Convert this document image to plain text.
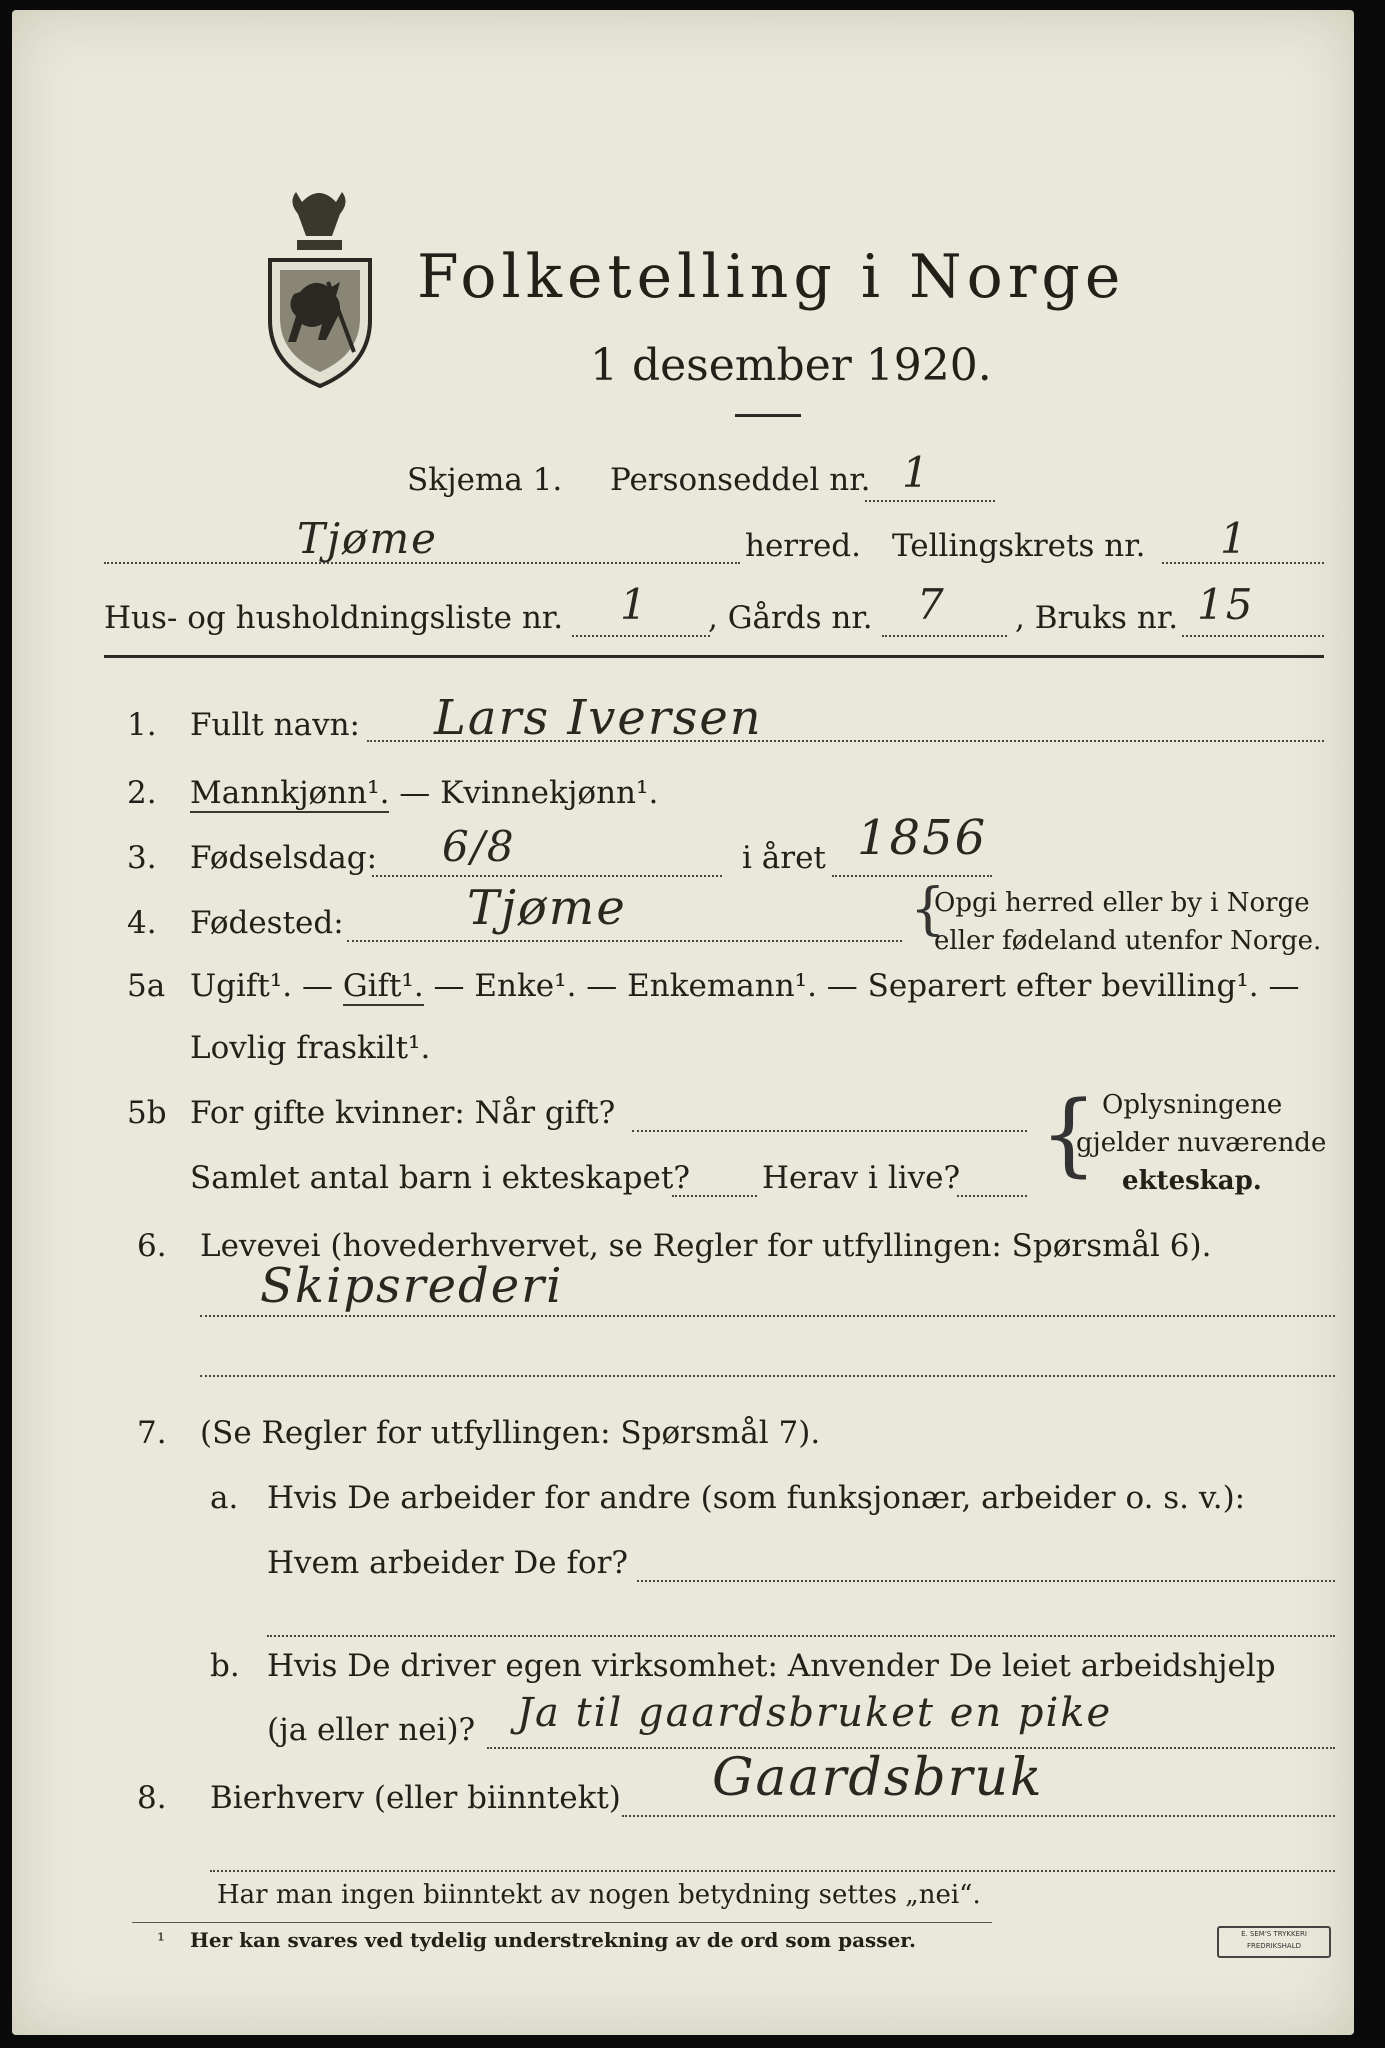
Folketelling i Norge
1 desember 1920.
Skjema 1. Personseddel nr. 1
Tjøme	herred. Tellingskrets nr. 1
Hus- og husholdningsliste nr. 1 , Gårds nr. 7 , Bruks nr. 15
1. Fullt navn: Lars Iversen
2. Mannkjønn¹. — Kvinnekjønn¹.
3. Fødselsdag: 6/8	i året 1856
4. Fødested:	Tjøme	{
Opgi herred eller by i Norge
eller fødeland utenfor Norge.
5a Ugift¹. — Gift¹. — Enke¹. — Enkemann¹. — Separert efter bevilling¹. —
Lovlig fraskilt¹.
5b For gifte kvinner: Når gift?
Samlet antal barn i ekteskapet? Herav i live? { Oplysningene
gjelder nuværende
ekteskap.
6. Levevei (hovederhvervet, se Regler for utfyllingen: Spørsmål 6).
Skipsrederi
7. (Se Regler for utfyllingen: Spørsmål 7).
a. Hvis De arbeider for andre (som funksjonær, arbeider o. s. v.):
Hvem arbeider De for?
b. Hvis De driver egen virksomhet: Anvender De leiet arbeidshjelp
(ja eller nei)? Ja til gaardsbruket en pike
8. Bierhverv (eller biinntekt) Gaardsbruk
Har man ingen biinntekt av nogen betydning settes „nei“.
¹ Her kan svares ved tydelig understrekning av de ord som passer.	E. SEM'S TRYKKERI FREDRIKSHALD
